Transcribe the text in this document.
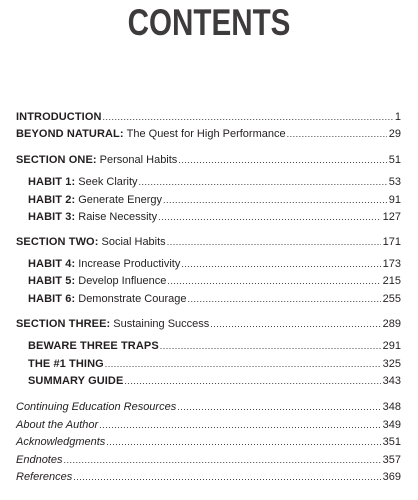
CONTENTS
INTRODUCTION .....	1
BEYOND NATURAL: The Quest for High Performance .....	29
SECTION ONE: Personal Habits .....	51
HABIT 1: Seek Clarity .....	53
HABIT 2: Generate Energy .....	91
HABIT 3: Raise Necessity .....	127
SECTION TWO: Social Habits .....	171
HABIT 4: Increase Productivity .....	173
HABIT 5: Develop Influence .....	215
HABIT 6: Demonstrate Courage .....	255
SECTION THREE: Sustaining Success .....	289
BEWARE THREE TRAPS .....	291
THE #1 THING .....	325
SUMMARY GUIDE .....	343
Continuing Education Resources .....	348
About the Author .....	349
Acknowledgments .....	351
Endnotes .....	357
References .....	369
